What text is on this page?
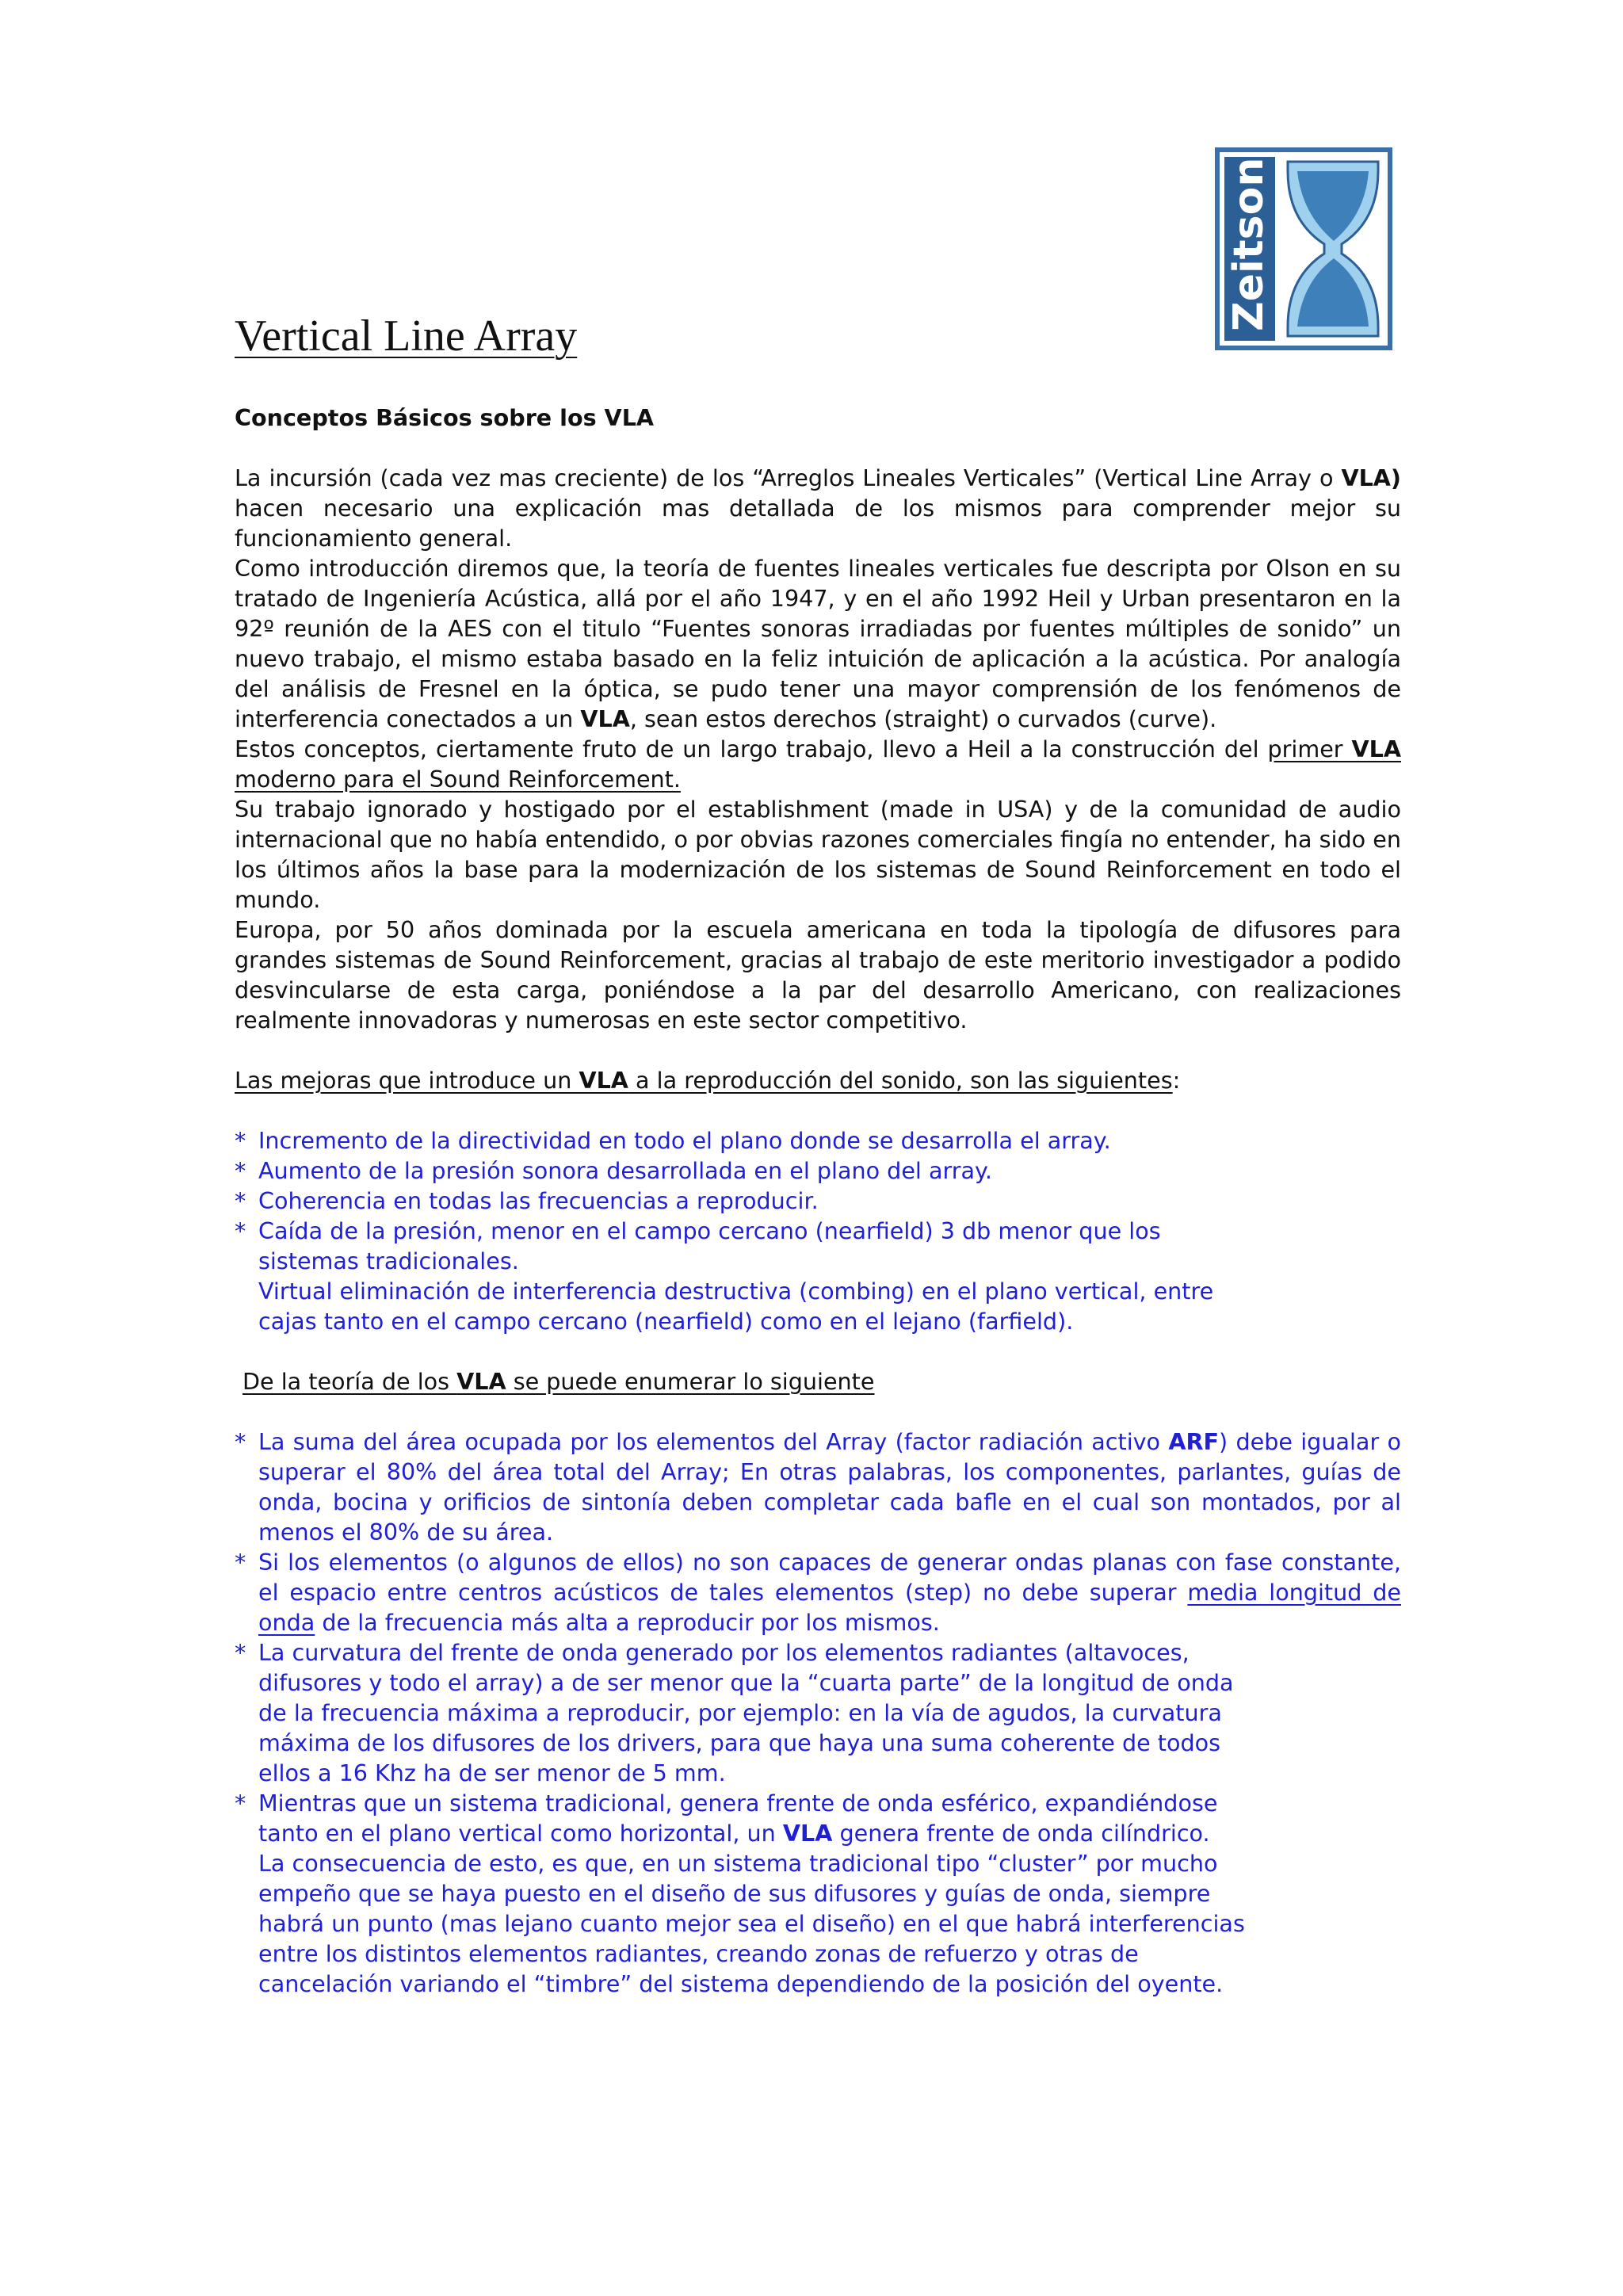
Zeitson
Vertical Line Array

Conceptos Básicos sobre los VLA

La incursión (cada vez mas creciente) de los “Arreglos Lineales Verticales” (Vertical Line Array o VLA) hacen necesario una explicación mas detallada de los mismos para comprender mejor su funcionamiento general.

Como introducción diremos que, la teoría de fuentes lineales verticales fue descripta por Olson en su tratado de Ingeniería Acústica, allá por el año 1947, y en el año 1992 Heil y Urban presentaron en la 92º reunión de la AES con el titulo “Fuentes sonoras irradiadas por fuentes múltiples de sonido” un nuevo trabajo, el mismo estaba basado en la feliz intuición de aplicación a la acústica. Por analogía del análisis de Fresnel en la óptica, se pudo tener una mayor comprensión de los fenómenos de interferencia conectados a un VLA, sean estos derechos (straight) o curvados (curve).

Estos conceptos, ciertamente fruto de un largo trabajo, llevo a Heil a la construcción del primer VLA moderno para el Sound Reinforcement.

Su trabajo ignorado y hostigado por el establishment (made in USA) y de la comunidad de audio internacional que no había entendido, o por obvias razones comerciales fingía no entender, ha sido en los últimos años la base para la modernización de los sistemas de Sound Reinforcement en todo el mundo.

Europa, por 50 años dominada por la escuela americana en toda la tipología de difusores para grandes sistemas de Sound Reinforcement, gracias al trabajo de este meritorio investigador a podido desvincularse de esta carga, poniéndose a la par del desarrollo Americano, con realizaciones realmente innovadoras y numerosas en este sector competitivo.

Las mejoras que introduce un VLA a la reproducción del sonido, son las siguientes:

* Incremento de la directividad en todo el plano donde se desarrolla el array.

* Aumento de la presión sonora desarrollada en el plano del array.

* Coherencia en todas las frecuencias a reproducir.

* Caída de la presión, menor en el campo cercano (nearfield) 3 db menor que los
sistemas tradicionales.
Virtual eliminación de interferencia destructiva (combing) en el plano vertical, entre
cajas tanto en el campo cercano (nearfield) como en el lejano (farfield).

De la teoría de los VLA se puede enumerar lo siguiente

* La suma del área ocupada por los elementos del Array (factor radiación activo ARF) debe igualar o superar el 80% del área total del Array; En otras palabras, los componentes, parlantes, guías de onda, bocina y orificios de sintonía deben completar cada bafle en el cual son montados, por al menos el 80% de su área.

* Si los elementos (o algunos de ellos) no son capaces de generar ondas planas con fase constante, el espacio entre centros acústicos de tales elementos (step) no debe superar media longitud de onda de la frecuencia más alta a reproducir por los mismos.

* La curvatura del frente de onda generado por los elementos radiantes (altavoces,
difusores y todo el array) a de ser menor que la “cuarta parte” de la longitud de onda
de la frecuencia máxima a reproducir, por ejemplo: en la vía de agudos, la curvatura
máxima de los difusores de los drivers, para que haya una suma coherente de todos
ellos a 16 Khz ha de ser menor de 5 mm.

* Mientras que un sistema tradicional, genera frente de onda esférico, expandiéndose
tanto en el plano vertical como horizontal, un VLA genera frente de onda cilíndrico.
La consecuencia de esto, es que, en un sistema tradicional tipo “cluster” por mucho
empeño que se haya puesto en el diseño de sus difusores y guías de onda, siempre
habrá un punto (mas lejano cuanto mejor sea el diseño) en el que habrá interferencias
entre los distintos elementos radiantes, creando zonas de refuerzo y otras de
cancelación variando el “timbre” del sistema dependiendo de la posición del oyente.
